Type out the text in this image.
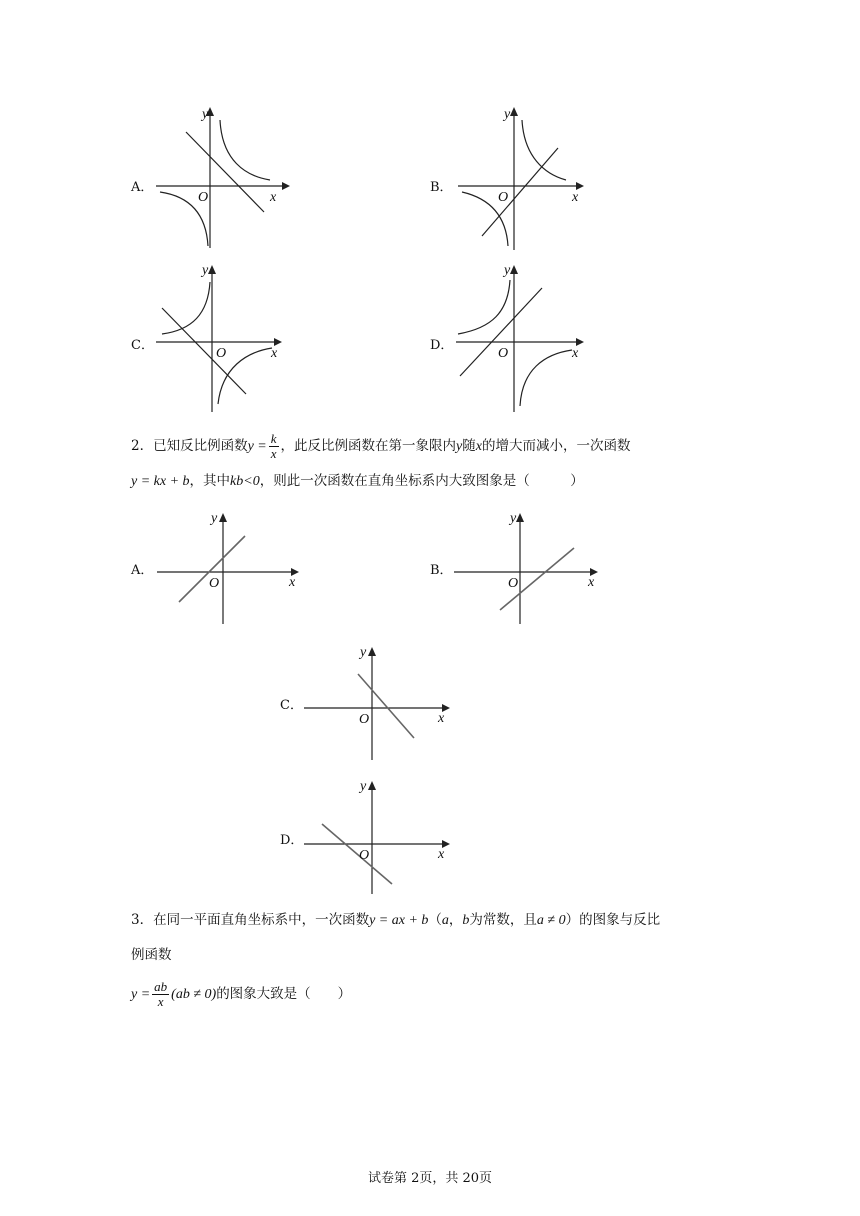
A．
y
O	x
B．
y
O	x
C．
y
O	x
D．
y
O	x
2．已知反比例函数$y = \frac{k}{x}$ ，此反比例函数在第一象限内y随x的增大而减小，一次函数
y = kx + b，其中kb<0，则此一次函数在直角坐标系内大致图象是（　　　）
A．
y
O	x
B．
y
O	x
C．
y
O	x
D．
y
O	x
3．在同一平面直角坐标系中，一次函数y = ax + b（a，b为常数，且a ≠ 0）的图象与反比
例函数
$y = \frac{ab}{x} (ab \ne 0)$的图象大致是（　　）
试卷第 2页，共 20页
